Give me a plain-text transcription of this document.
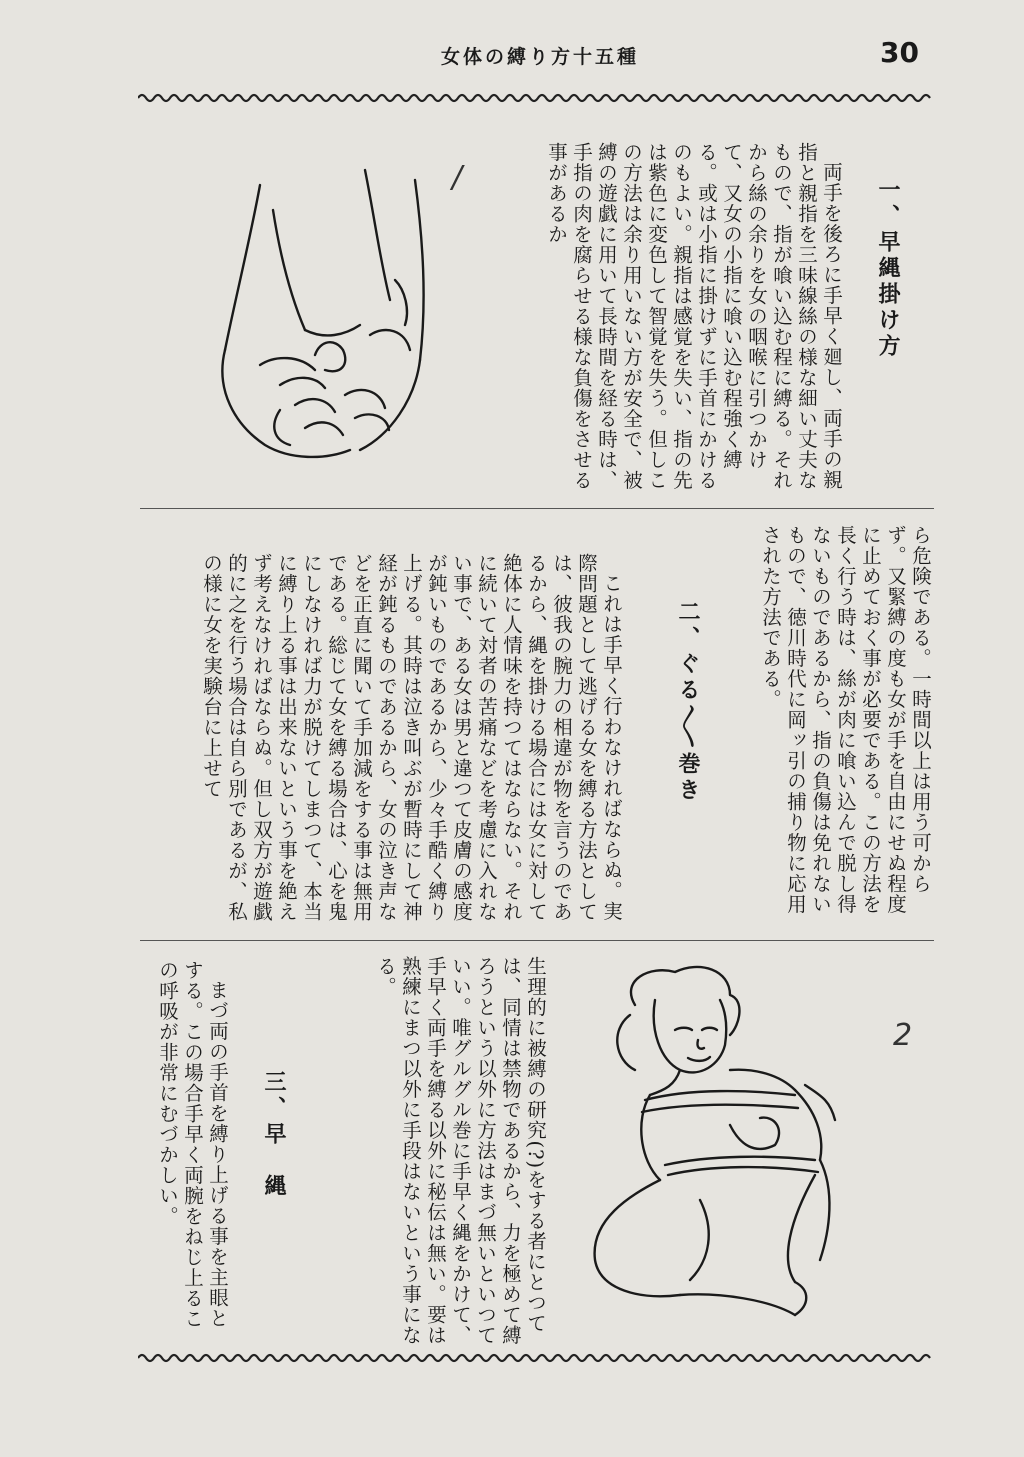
女体の縛り方十五種	30
一、早縄掛け方

両手を後ろに手早く廻し、両手の親指と親指を三味線絲の様な細い丈夫なもので、指が喰い込む程に縛る。それから絲の余りを女の咽喉に引つかけて、又女の小指に喰い込む程強く縛る。或は小指に掛けずに手首にかけるのもよい。親指は感覚を失い、指の先は紫色に変色して智覚を失う。但しこの方法は余り用いない方が安全で、被縛の遊戯に用いて長時間を経る時は、手指の肉を腐らせる様な負傷をさせる事があるか

/

ら危険である。一時間以上は用う可からず。又緊縛の度も女が手を自由にせぬ程度に止めておく事が必要である。この方法を長く行う時は、絲が肉に喰い込んで脱し得ないものであるから、指の負傷は免れないもので、徳川時代に岡ッ引の捕り物に応用された方法である。

二、ぐる〳〵巻き

これは手早く行わなければならぬ。実際問題として逃げる女を縛る方法としては、彼我の腕力の相違が物を言うのであるから、縄を掛ける場合には女に対して絶体に人情味を持つてはならない。それに続いて対者の苦痛などを考慮に入れない事で、ある女は男と違つて皮膚の感度が鈍いものであるから、少々手酷く縛り上げる。其時は泣き叫ぶが暫時にして神経が鈍るものであるから、女の泣き声などを正直に聞いて手加減をする事は無用である。総じて女を縛る場合は、心を鬼にしなければ力が脱けてしまつて、本当に縛り上る事は出来ないという事を絶えず考えなければならぬ。但し双方が遊戯的に之を行う場合は自ら別であるが、私の様に女を実験台に上せて

生理的に被縛の研究(?)をする者にとつては、同情は禁物であるから、力を極めて縛ろうという以外に方法はまづ無いといつていい。唯グルグル巻に手早く縄をかけて、手早く両手を縛る以外に秘伝は無い。要は熟練にまつ以外に手段はないという事になる。

2
三、早　縄

まづ両の手首を縛り上げる事を主眼とする。この場合手早く両腕をねじ上るこの呼吸が非常にむづかしい。
